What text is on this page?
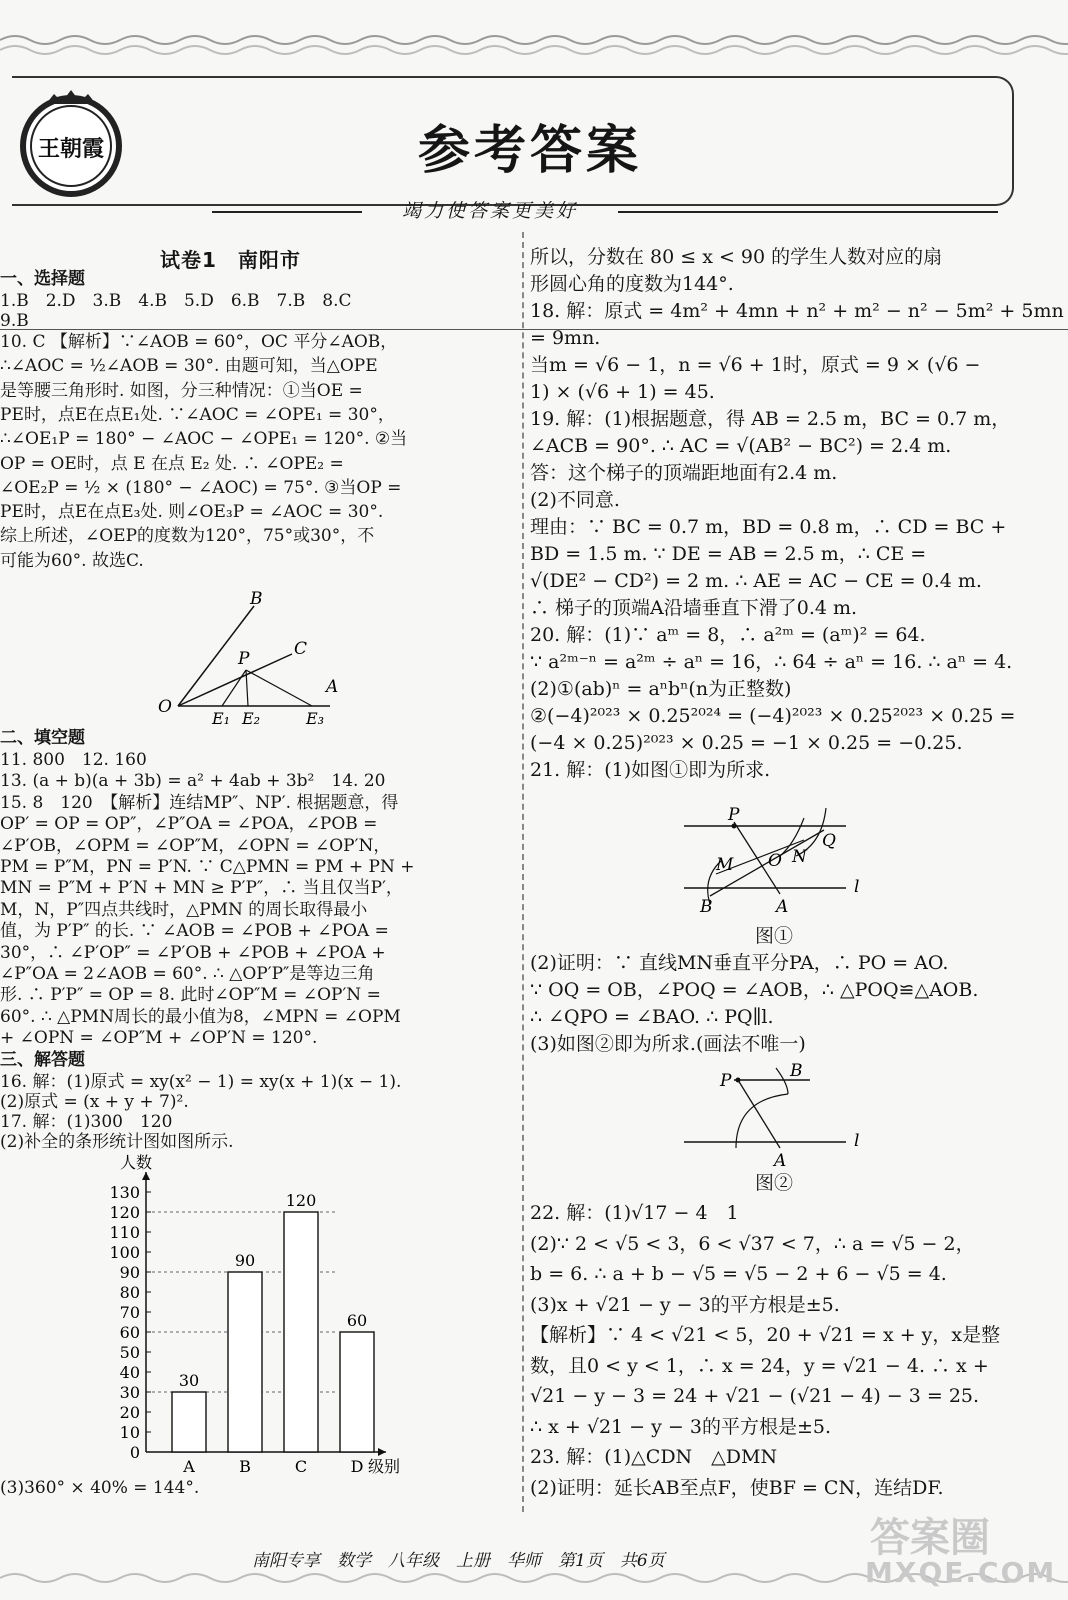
王朝霞	参考答案
竭力使答案更美好
试卷1　南阳市
一、选择题
1.B　2.D　3.B　4.B　5.D　6.B　7.B　8.C
9.B
10. C 【解析】∵∠AOB = 60°，OC 平分∠AOB，
∴∠AOC = ½∠AOB = 30°. 由题可知，当△OPE
是等腰三角形时. 如图，分三种情况：①当OE =
PE时，点E在点E₁处. ∵∠AOC = ∠OPE₁ = 30°，
∴∠OE₁P = 180° − ∠AOC − ∠OPE₁ = 120°. ②当
OP = OE时，点 E 在点 E₂ 处. ∴ ∠OPE₂ =
∠OE₂P = ½ × (180° − ∠AOC) = 75°. ③当OP =
PE时，点E在点E₃处. 则∠OE₃P = ∠AOC = 30°.
综上所述，∠OEP的度数为120°，75°或30°，不
可能为60°. 故选C.
B
C
P
A
O
E₁ E₂	E₃
二、填空题
11. 800　12. 160
13. (a + b)(a + 3b) = a² + 4ab + 3b²　14. 20
15. 8　120　【解析】连结MP″、NP′. 根据题意，得
OP′ = OP = OP″，∠P″OA = ∠POA，∠POB =
∠P′OB，∠OPM = ∠OP″M，∠OPN = ∠OP′N，
PM = P″M，PN = P′N. ∵ C△PMN = PM + PN +
MN = P″M + P′N + MN ≥ P′P″，∴ 当且仅当P′，
M，N，P″四点共线时，△PMN 的周长取得最小
值，为 P′P″ 的长. ∵ ∠AOB = ∠POB + ∠POA =
30°，∴ ∠P′OP″ = ∠P′OB + ∠POB + ∠POA +
∠P″OA = 2∠AOB = 60°. ∴ △OP′P″是等边三角
形. ∴ P′P″ = OP = 8. 此时∠OP″M = ∠OP′N =
60°. ∴ △PMN周长的最小值为8，∠MPN = ∠OPM
+ ∠OPN = ∠OP″M + ∠OP′N = 120°.
三、解答题
16. 解：(1)原式 = xy(x² − 1) = xy(x + 1)(x − 1).
(2)原式 = (x + y + 7)².
17. 解：(1)300　120
(2)补全的条形统计图如图所示.
0
10
20
30
40
50
60
70
80
90
100
110
120
130
人数
级别
30
A
90
B
120
C
60
D
(3)360° × 40% = 144°.
所以，分数在 80 ≤ x < 90 的学生人数对应的扇
形圆心角的度数为144°.
18. 解：原式 = 4m² + 4mn + n² + m² − n² − 5m² + 5mn
= 9mn.
当m = √6 − 1，n = √6 + 1时，原式 = 9 × (√6 −
1) × (√6 + 1) = 45.
19. 解：(1)根据题意，得 AB = 2.5 m，BC = 0.7 m，
∠ACB = 90°. ∴ AC = √(AB² − BC²) = 2.4 m.
答：这个梯子的顶端距地面有2.4 m.
(2)不同意.
理由：∵ BC = 0.7 m，BD = 0.8 m，∴ CD = BC +
BD = 1.5 m. ∵ DE = AB = 2.5 m，∴ CE =
√(DE² − CD²) = 2 m. ∴ AE = AC − CE = 0.4 m.
∴ 梯子的顶端A沿墙垂直下滑了0.4 m.
20. 解：(1)∵ aᵐ = 8，∴ a²ᵐ = (aᵐ)² = 64.
∵ a²ᵐ⁻ⁿ = a²ᵐ ÷ aⁿ = 16，∴ 64 ÷ aⁿ = 16. ∴ aⁿ = 4.
(2)①(ab)ⁿ = aⁿbⁿ(n为正整数)
②(−4)²⁰²³ × 0.25²⁰²⁴ = (−4)²⁰²³ × 0.25²⁰²³ × 0.25 =
(−4 × 0.25)²⁰²³ × 0.25 = −1 × 0.25 = −0.25.
21. 解：(1)如图①即为所求.
P
N
Q
O
M
l
B	A
图①
(2)证明：∵ 直线MN垂直平分PA，∴ PO = AO.
∵ OQ = OB，∠POQ = ∠AOB，∴ △POQ≌△AOB.
∴ ∠QPO = ∠BAO. ∴ PQ∥l.
(3)如图②即为所求.(画法不唯一)
P	B
l
A
图②
22. 解：(1)√17 − 4　1
(2)∵ 2 < √5 < 3，6 < √37 < 7，∴ a = √5 − 2，
b = 6. ∴ a + b − √5 = √5 − 2 + 6 − √5 = 4.
(3)x + √21 − y − 3的平方根是±5.
【解析】∵ 4 < √21 < 5，20 + √21 = x + y，x是整
数，且0 < y < 1，∴ x = 24，y = √21 − 4. ∴ x +
√21 − y − 3 = 24 + √21 − (√21 − 4) − 3 = 25.
∴ x + √21 − y − 3的平方根是±5.
23. 解：(1)△CDN　△DMN
(2)证明：延长AB至点F，使BF = CN，连结DF.
南阳专享　数学　八年级　上册　华师　第1页　共6页	答案圈
MXQE.COM
